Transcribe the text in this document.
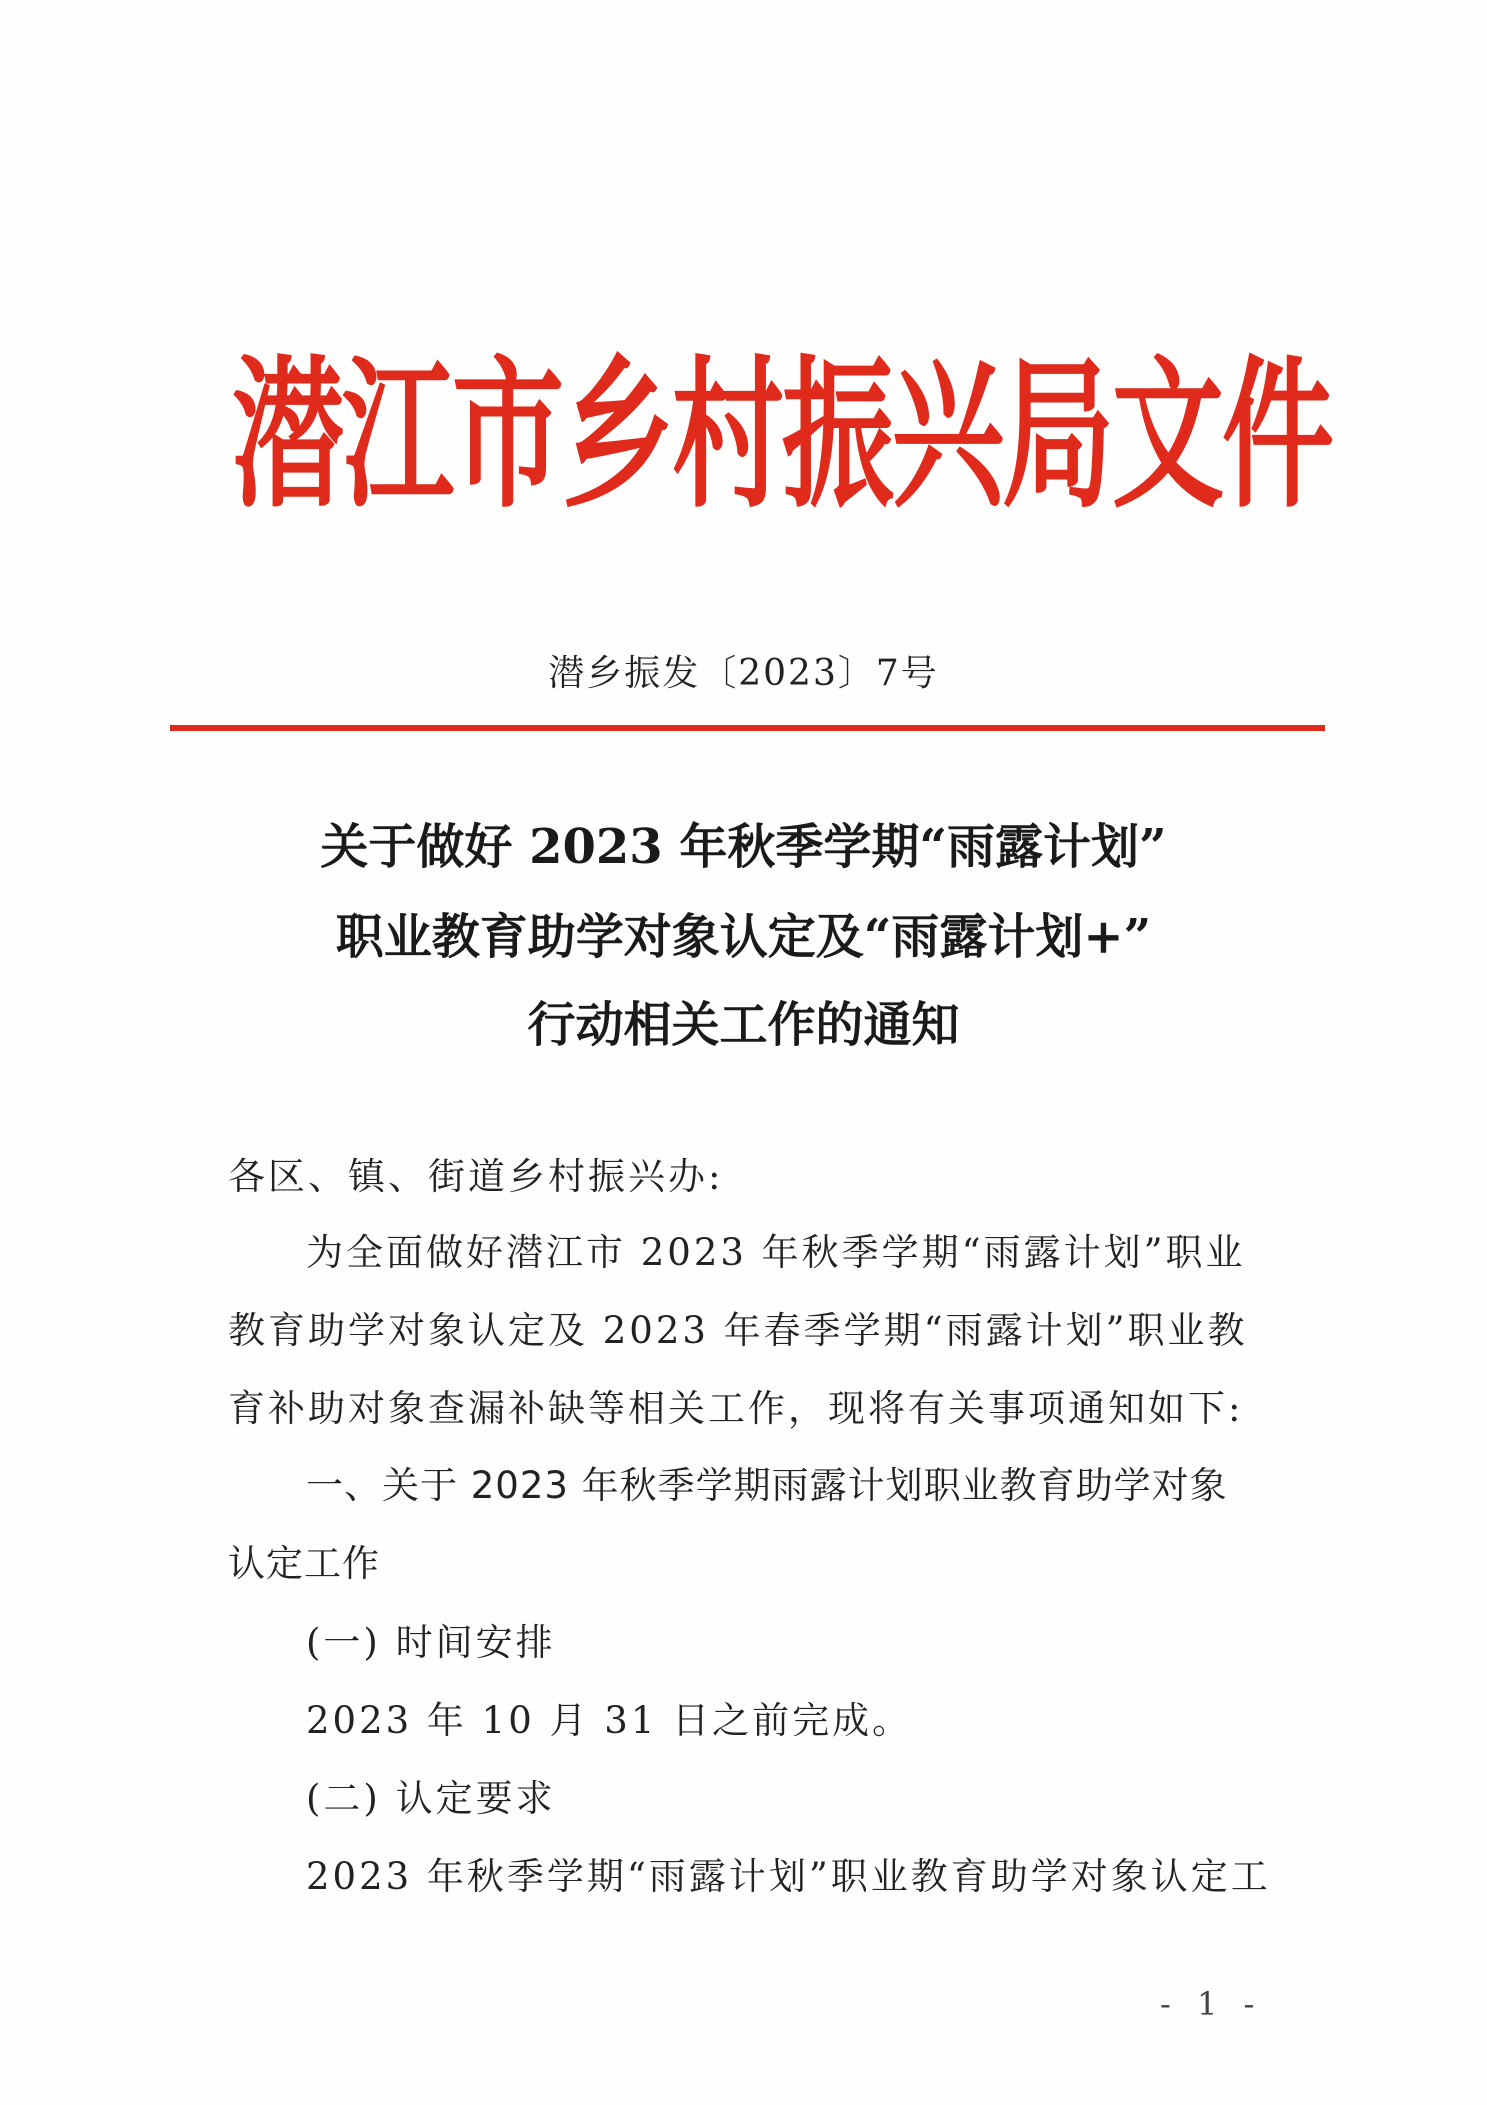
潜江市乡村振兴局文件
潜乡振发〔2023〕7号
关于做好 2023 年秋季学期“雨露计划”
职业教育助学对象认定及“雨露计划+”
行动相关工作的通知
各区、镇、街道乡村振兴办:
为全面做好潜江市 2023 年秋季学期“雨露计划”职业
教育助学对象认定及 2023 年春季学期“雨露计划”职业教
育补助对象查漏补缺等相关工作，现将有关事项通知如下:
一、关于 2023 年秋季学期雨露计划职业教育助学对象
认定工作
(一) 时间安排
2023 年 10 月 31 日之前完成。
(二) 认定要求
2023 年秋季学期“雨露计划”职业教育助学对象认定工
- 1 -
